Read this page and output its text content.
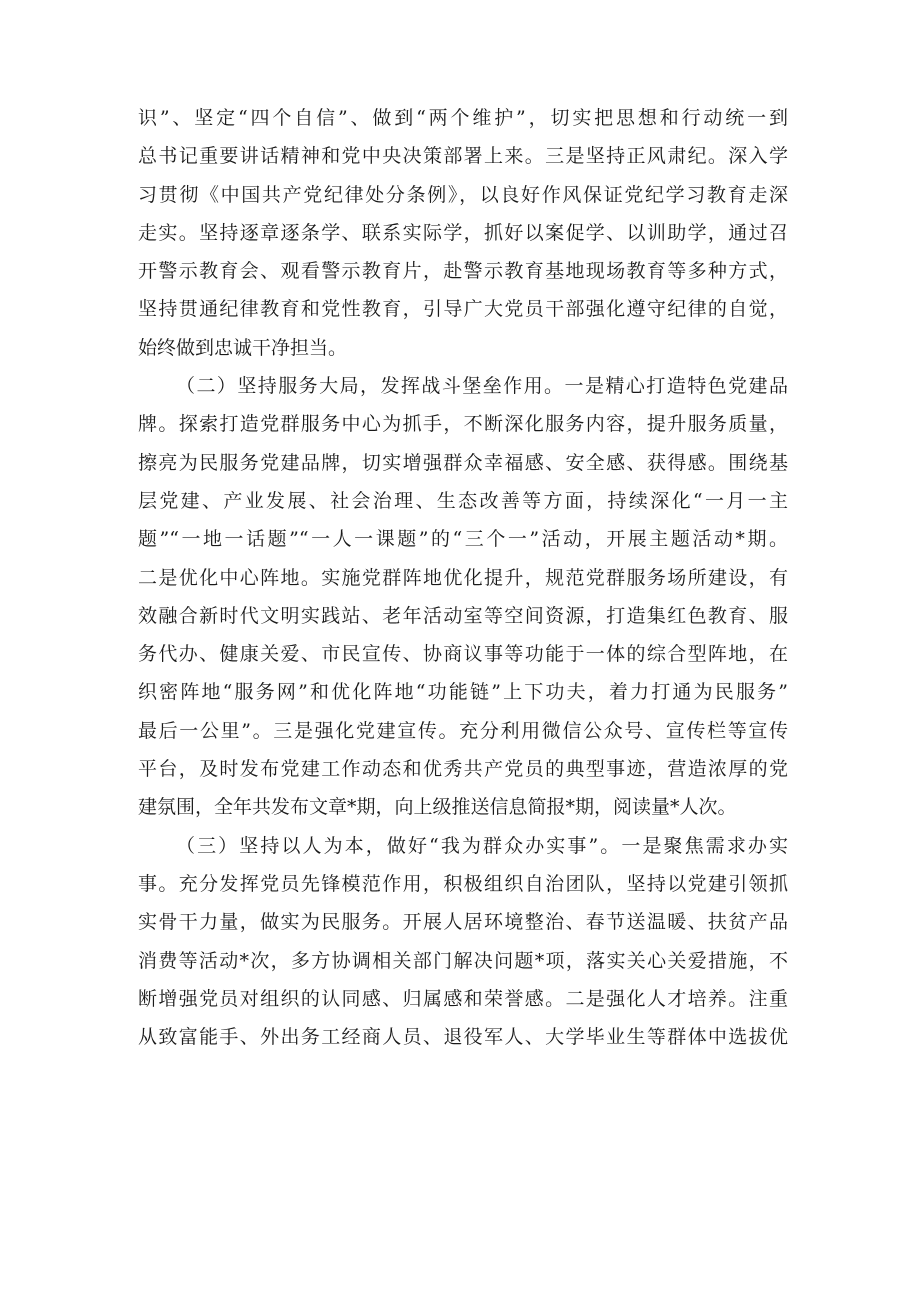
识”、坚定“四个自信”、做到“两个维护”，切实把思想和行动统一到
总书记重要讲话精神和党中央决策部署上来。三是坚持正风肃纪。深入学
习贯彻《中国共产党纪律处分条例》，以良好作风保证党纪学习教育走深
走实。坚持逐章逐条学、联系实际学，抓好以案促学、以训助学，通过召
开警示教育会、观看警示教育片，赴警示教育基地现场教育等多种方式，
坚持贯通纪律教育和党性教育，引导广大党员干部强化遵守纪律的自觉，
始终做到忠诚干净担当。
（二）坚持服务大局，发挥战斗堡垒作用。一是精心打造特色党建品
牌。探索打造党群服务中心为抓手，不断深化服务内容，提升服务质量，
擦亮为民服务党建品牌，切实增强群众幸福感、安全感、获得感。围绕基
层党建、产业发展、社会治理、生态改善等方面，持续深化“一月一主
题”“一地一话题”“一人一课题”的“三个一”活动，开展主题活动*期。
二是优化中心阵地。实施党群阵地优化提升，规范党群服务场所建设，有
效融合新时代文明实践站、老年活动室等空间资源，打造集红色教育、服
务代办、健康关爱、市民宣传、协商议事等功能于一体的综合型阵地，在
织密阵地“服务网”和优化阵地“功能链”上下功夫，着力打通为民服务”
最后一公里”。三是强化党建宣传。充分利用微信公众号、宣传栏等宣传
平台，及时发布党建工作动态和优秀共产党员的典型事迹，营造浓厚的党
建氛围，全年共发布文章*期，向上级推送信息简报*期，阅读量*人次。
（三）坚持以人为本，做好“我为群众办实事”。一是聚焦需求办实
事。充分发挥党员先锋模范作用，积极组织自治团队，坚持以党建引领抓
实骨干力量，做实为民服务。开展人居环境整治、春节送温暖、扶贫产品
消费等活动*次，多方协调相关部门解决问题*项，落实关心关爱措施，不
断增强党员对组织的认同感、归属感和荣誉感。二是强化人才培养。注重
从致富能手、外出务工经商人员、退役军人、大学毕业生等群体中选拔优
